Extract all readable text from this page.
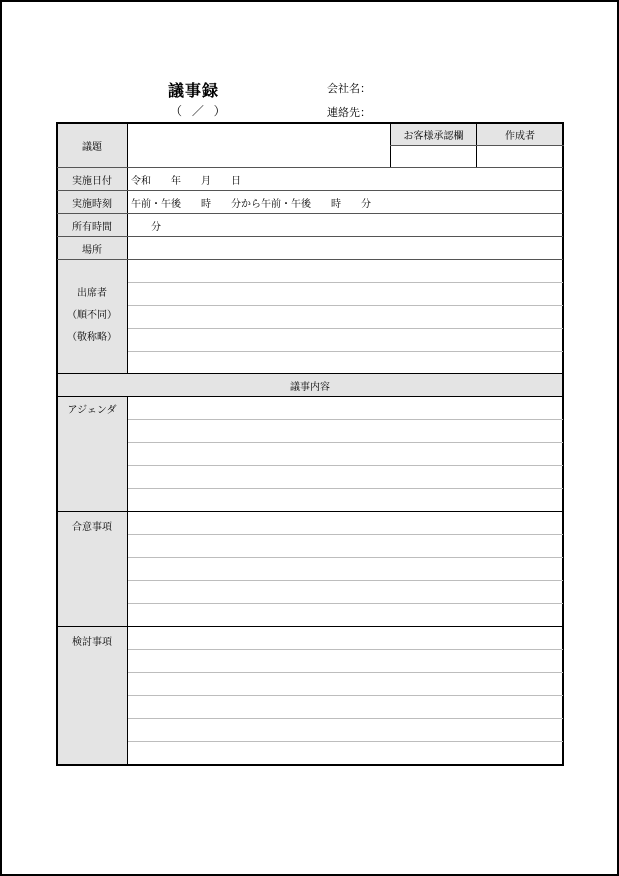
議事録
（ ／ ）
会社名：
連絡先：
議題
お客様承認欄	作成者
実施日付	令和　　年　　月　　日
実施時刻	午前・午後　　時　　分から午前・午後　　時　　分
所有時間	　　分
場所
出席者
（順不同）
（敬称略）
議事内容
アジェンダ
合意事項
検討事項
